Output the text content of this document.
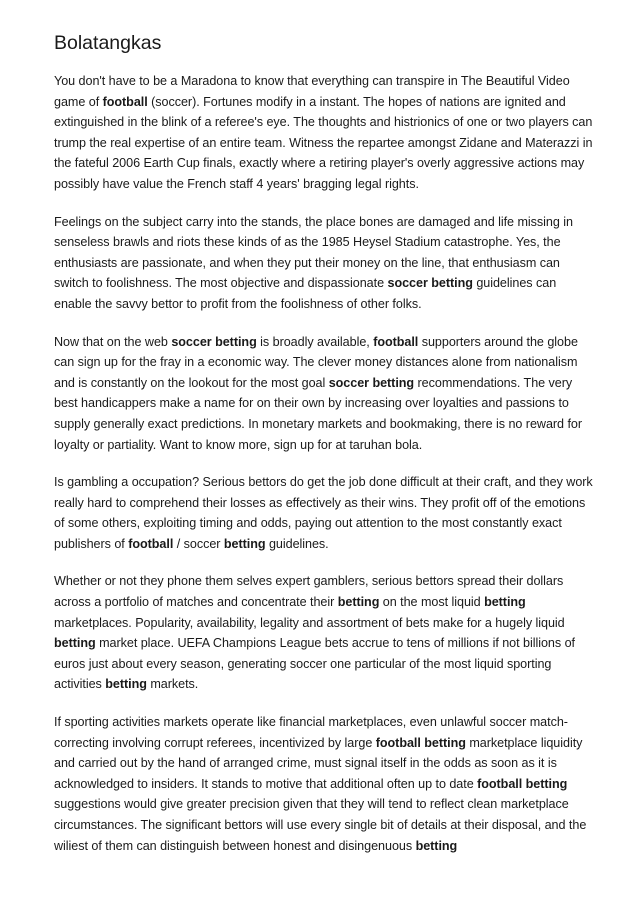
Bolatangkas

You don't have to be a Maradona to know that everything can transpire in The Beautiful Video game of football (soccer). Fortunes modify in a instant. The hopes of nations are ignited and extinguished in the blink of a referee's eye. The thoughts and histrionics of one or two players can trump the real expertise of an entire team. Witness the repartee amongst Zidane and Materazzi in the fateful 2006 Earth Cup finals, exactly where a retiring player's overly aggressive actions may possibly have value the French staff 4 years' bragging legal rights.

Feelings on the subject carry into the stands, the place bones are damaged and life missing in senseless brawls and riots these kinds of as the 1985 Heysel Stadium catastrophe. Yes, the enthusiasts are passionate, and when they put their money on the line, that enthusiasm can switch to foolishness. The most objective and dispassionate soccer betting guidelines can enable the savvy bettor to profit from the foolishness of other folks.

Now that on the web soccer betting is broadly available, football supporters around the globe can sign up for the fray in a economic way. The clever money distances alone from nationalism and is constantly on the lookout for the most goal soccer betting recommendations. The very best handicappers make a name for on their own by increasing over loyalties and passions to supply generally exact predictions. In monetary markets and bookmaking, there is no reward for loyalty or partiality. Want to know more, sign up for at taruhan bola.

Is gambling a occupation? Serious bettors do get the job done difficult at their craft, and they work really hard to comprehend their losses as effectively as their wins. They profit off of the emotions of some others, exploiting timing and odds, paying out attention to the most constantly exact publishers of football / soccer betting guidelines.

Whether or not they phone them selves expert gamblers, serious bettors spread their dollars across a portfolio of matches and concentrate their betting on the most liquid betting marketplaces. Popularity, availability, legality and assortment of bets make for a hugely liquid betting market place. UEFA Champions League bets accrue to tens of millions if not billions of euros just about every season, generating soccer one particular of the most liquid sporting activities betting markets.

If sporting activities markets operate like financial marketplaces, even unlawful soccer match-correcting involving corrupt referees, incentivized by large football betting marketplace liquidity and carried out by the hand of arranged crime, must signal itself in the odds as soon as it is acknowledged to insiders. It stands to motive that additional often up to date football betting suggestions would give greater precision given that they will tend to reflect clean marketplace circumstances. The significant bettors will use every single bit of details at their disposal, and the wiliest of them can distinguish between honest and disingenuous betting
